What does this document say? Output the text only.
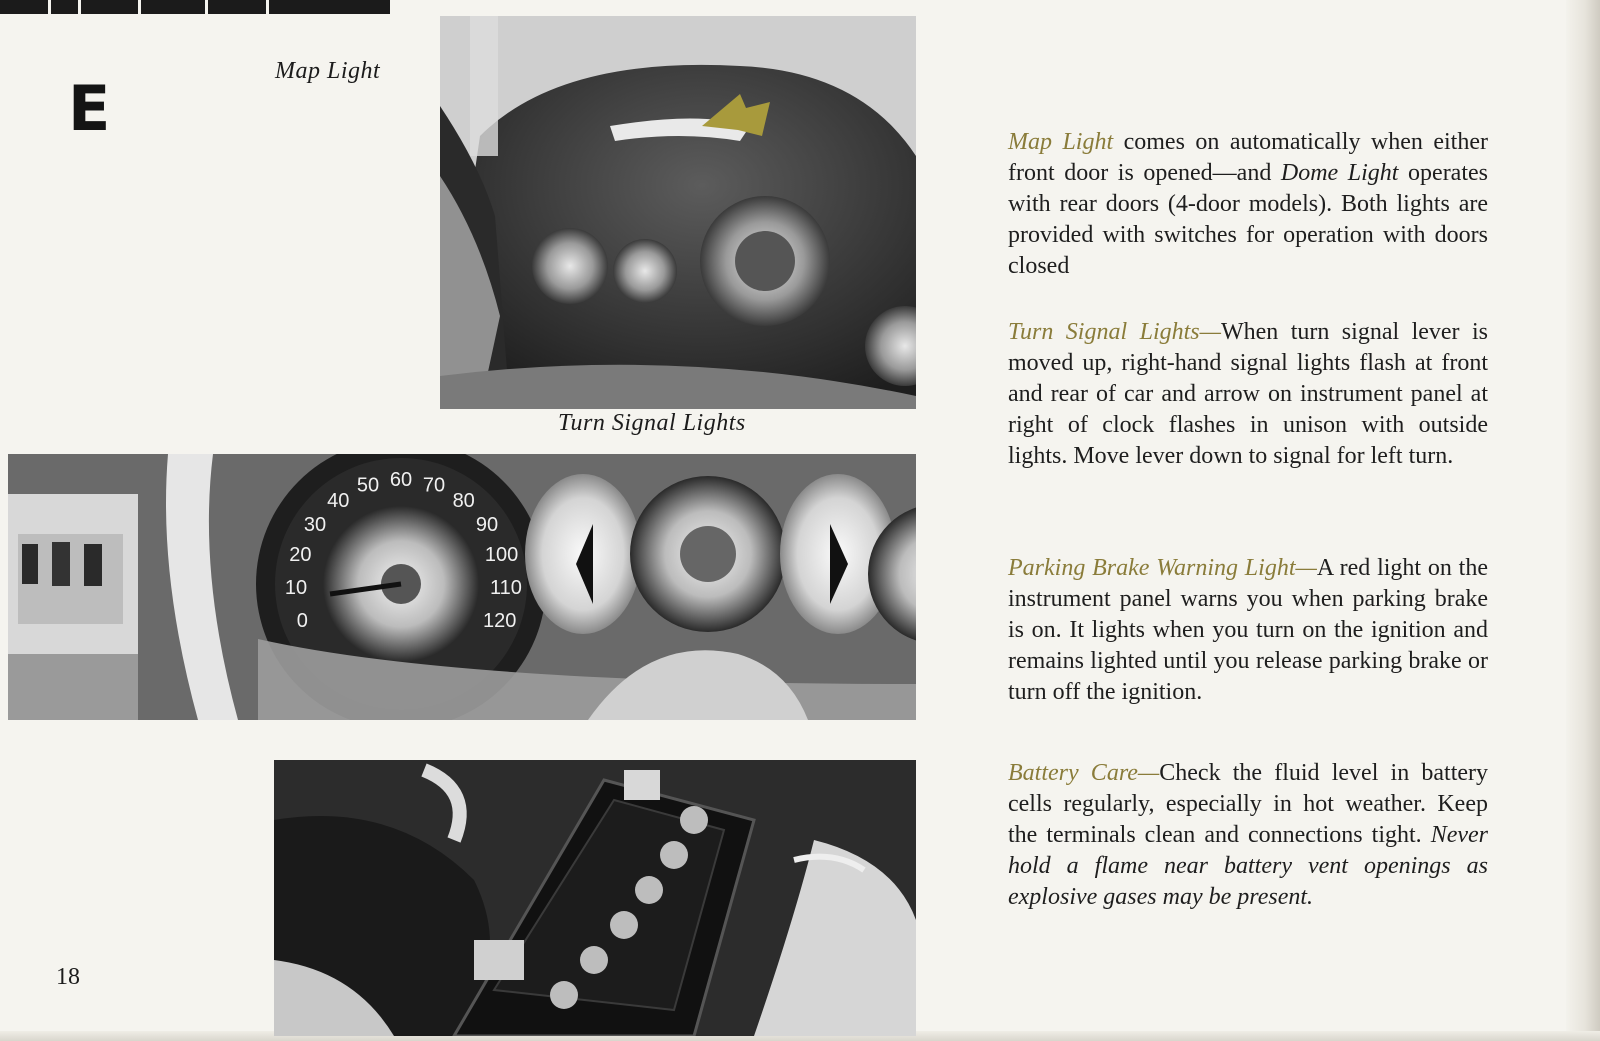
E
Map Light
Turn Signal Lights
0
10
20
30
40
50 60 70
80
90
100
110
120
18

Map Light comes on automatically when either front door is opened—and Dome Light operates with rear doors (4-door models). Both lights are provided with switches for operation with doors closed

Turn Signal Lights—When turn signal lever is moved up, right-hand signal lights flash at front and rear of car and arrow on instrument panel at right of clock flashes in unison with outside lights. Move lever down to signal for left turn.

Parking Brake Warning Light—A red light on the instrument panel warns you when parking brake is on. It lights when you turn on the ignition and remains lighted until you release parking brake or turn off the ignition.

Battery Care—Check the fluid level in battery cells regularly, especially in hot weather. Keep the terminals clean and connections tight. Never hold a flame near battery vent openings as explosive gases may be present.
